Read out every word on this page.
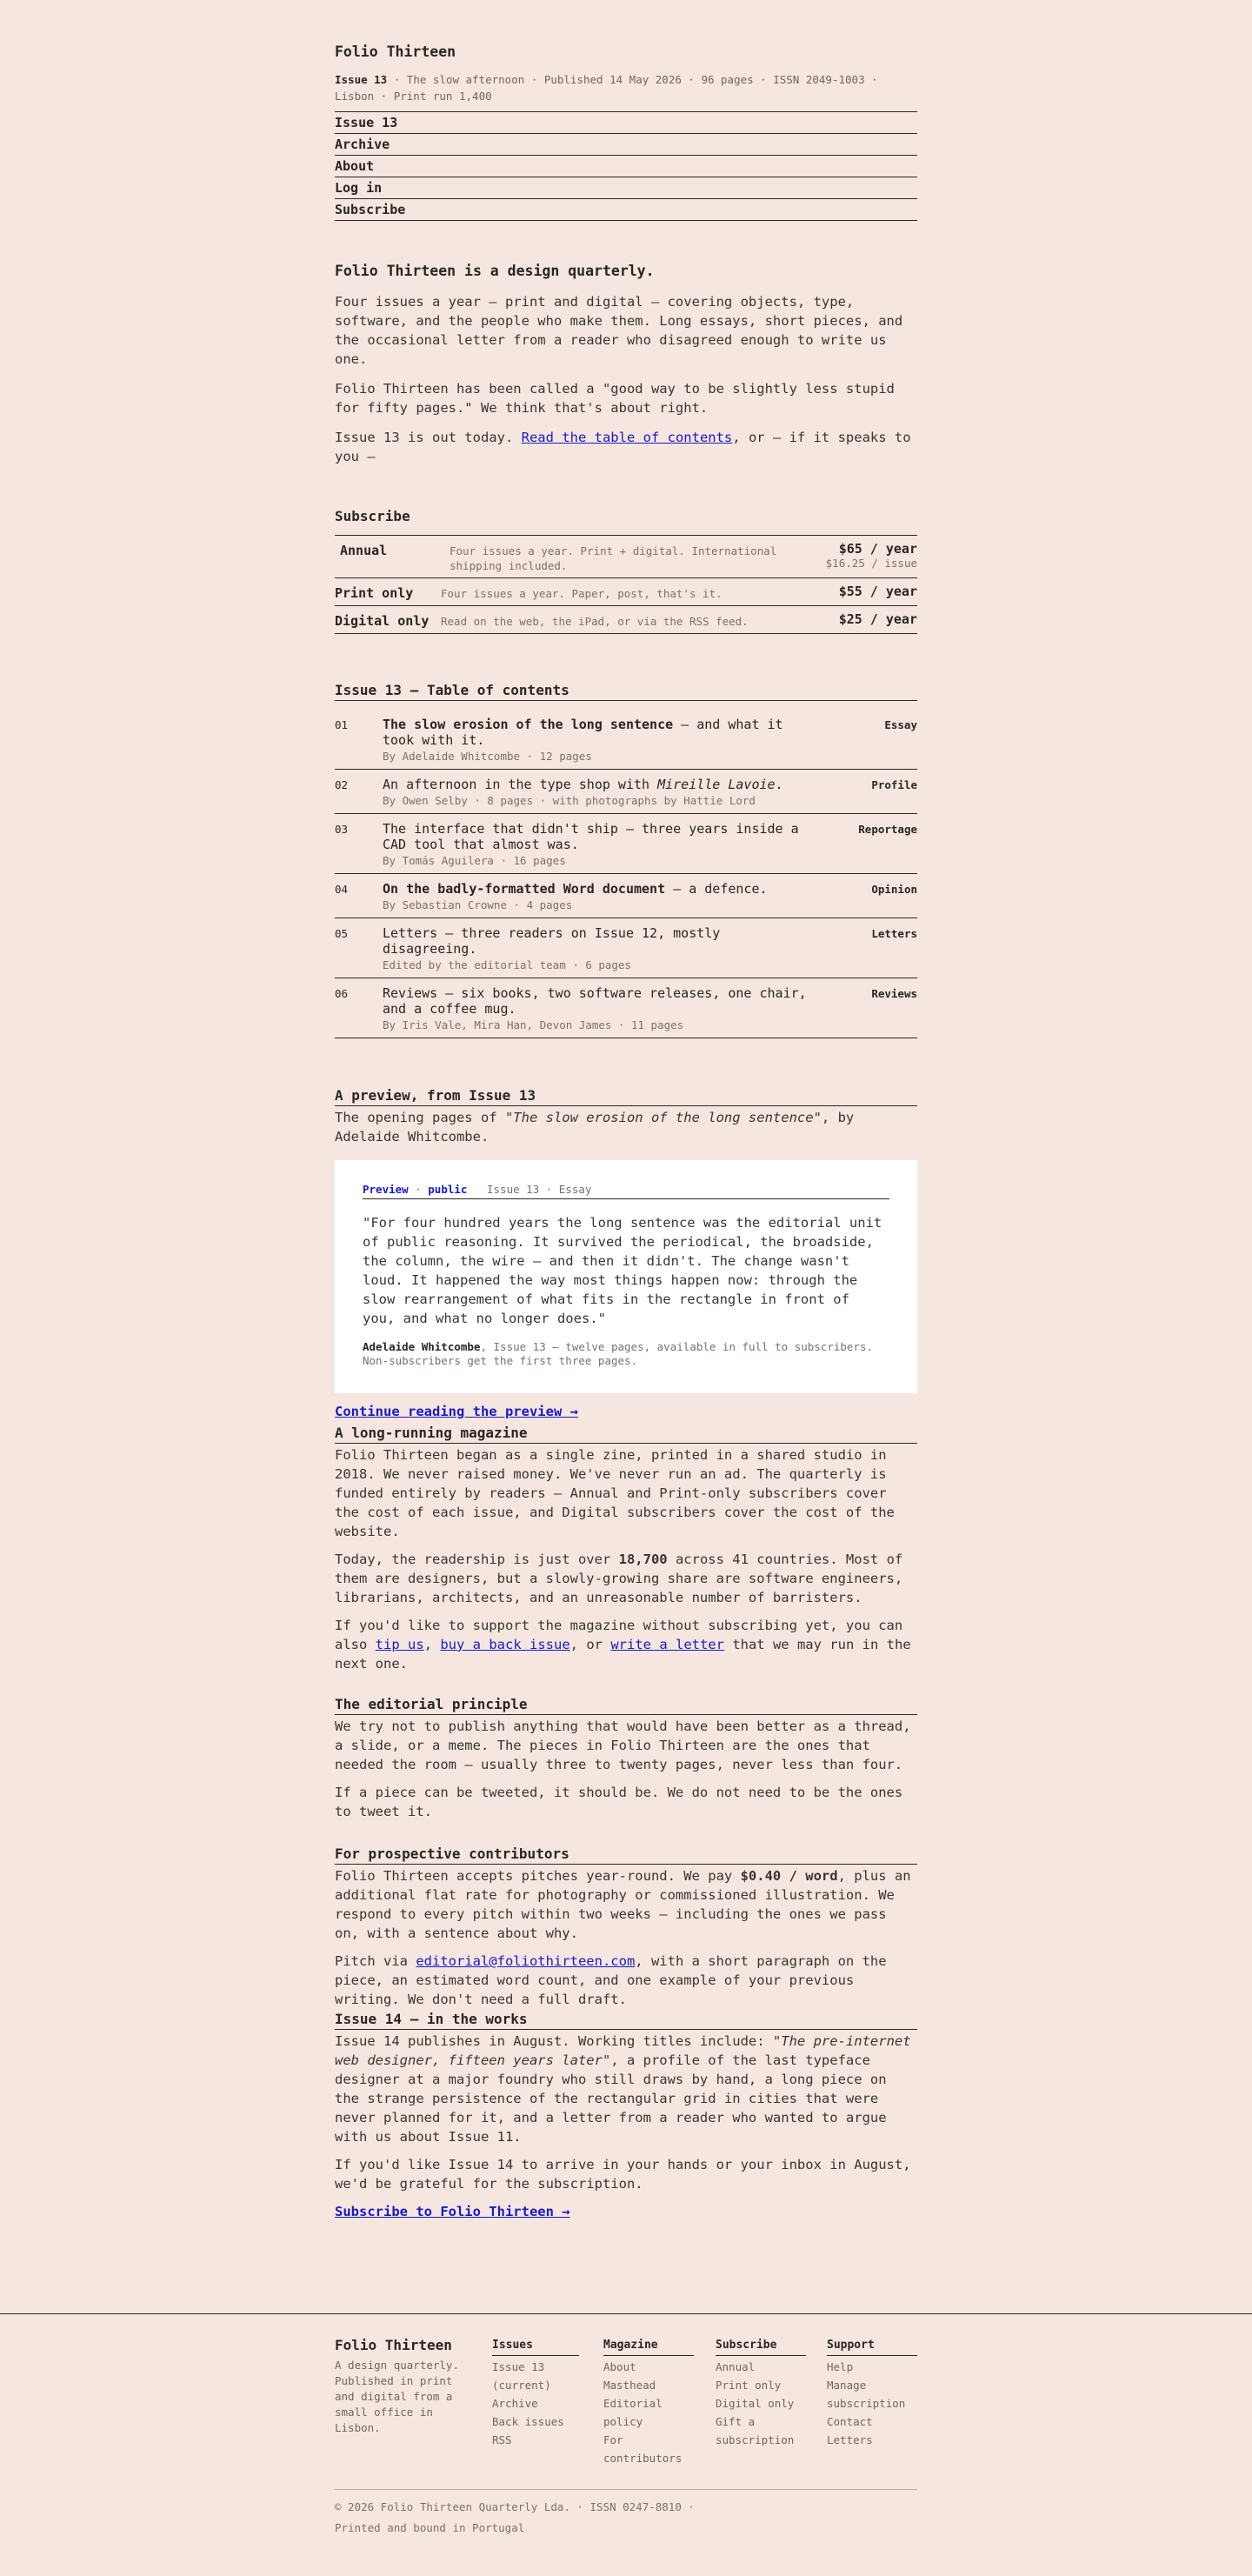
Folio Thirteen
Issue 13 · The slow afternoon · Published 14 May 2026 · 96 pages · ISSN 2049-1003 · Lisbon · Print run 1,400
Issue 13
Archive
About
Log in
Subscribe
Folio Thirteen is a design quarterly.

Four issues a year — print and digital — covering objects, type, software, and the people who make them. Long essays, short pieces, and the occasional letter from a reader who disagreed enough to write us one.

Folio Thirteen has been called a "good way to be slightly less stupid for fifty pages." We think that's about right.

Issue 13 is out today. Read the table of contents, or — if it speaks to you —

Subscribe
Annual	Four issues a year. Print + digital. International shipping included.
$65 / year
$16.25 / issue
Print only	Four issues a year. Paper, post, that's it.	$55 / year
Digital only	Read on the web, the iPad, or via the RSS feed.	$25 / year
Issue 13 — Table of contents
01	The slow erosion of the long sentence — and what it took with it.
By Adelaide Whitcombe · 12 pages
Essay
02	An afternoon in the type shop with Mireille Lavoie.
By Owen Selby · 8 pages · with photographs by Hattie Lord
Profile
03	The interface that didn't ship — three years inside a CAD tool that almost was.
By Tomás Aguilera · 16 pages
Reportage
04	On the badly-formatted Word document — a defence.
By Sebastian Crowne · 4 pages
Opinion
05	Letters — three readers on Issue 12, mostly disagreeing.
Edited by the editorial team · 6 pages
Letters
06	Reviews — six books, two software releases, one chair, and a coffee mug.
By Iris Vale, Mira Han, Devon James · 11 pages
Reviews
A preview, from Issue 13

The opening pages of "The slow erosion of the long sentence", by Adelaide Whitcombe.

Preview · public Issue 13 · Essay
"For four hundred years the long sentence was the editorial unit of public reasoning. It survived the periodical, the broadside, the column, the wire — and then it didn't. The change wasn't loud. It happened the way most things happen now: through the slow rearrangement of what fits in the rectangle in front of you, and what no longer does."
Adelaide Whitcombe, Issue 13 — twelve pages, available in full to subscribers. Non-subscribers get the first three pages.
Continue reading the preview →
A long-running magazine

Folio Thirteen began as a single zine, printed in a shared studio in 2018. We never raised money. We've never run an ad. The quarterly is funded entirely by readers — Annual and Print-only subscribers cover the cost of each issue, and Digital subscribers cover the cost of the website.

Today, the readership is just over 18,700 across 41 countries. Most of them are designers, but a slowly-growing share are software engineers, librarians, architects, and an unreasonable number of barristers.

If you'd like to support the magazine without subscribing yet, you can also tip us, buy a back issue, or write a letter that we may run in the next one.

The editorial principle

We try not to publish anything that would have been better as a thread, a slide, or a meme. The pieces in Folio Thirteen are the ones that needed the room — usually three to twenty pages, never less than four.

If a piece can be tweeted, it should be. We do not need to be the ones to tweet it.

For prospective contributors

Folio Thirteen accepts pitches year-round. We pay $0.40 / word, plus an additional flat rate for photography or commissioned illustration. We respond to every pitch within two weeks — including the ones we pass on, with a sentence about why.

Pitch via editorial@foliothirteen.com, with a short paragraph on the piece, an estimated word count, and one example of your previous writing. We don't need a full draft.

Issue 14 — in the works

Issue 14 publishes in August. Working titles include: "The pre-internet web designer, fifteen years later", a profile of the last typeface designer at a major foundry who still draws by hand, a long piece on the strange persistence of the rectangular grid in cities that were never planned for it, and a letter from a reader who wanted to argue with us about Issue 11.

If you'd like Issue 14 to arrive in your hands or your inbox in August, we'd be grateful for the subscription.

Subscribe to Folio Thirteen →
Folio Thirteen
A design quarterly. Published in print and digital from a small office in Lisbon.
Issues
Issue 13 (current)
Archive
Back issues
RSS
Magazine
About
Masthead
Editorial policy
For contributors
Subscribe
Annual
Print only
Digital only
Gift a subscription
Support
Help
Manage subscription
Contact
Letters
© 2026 Folio Thirteen Quarterly Lda. · ISSN 0247-8810 ·
Printed and bound in Portugal
